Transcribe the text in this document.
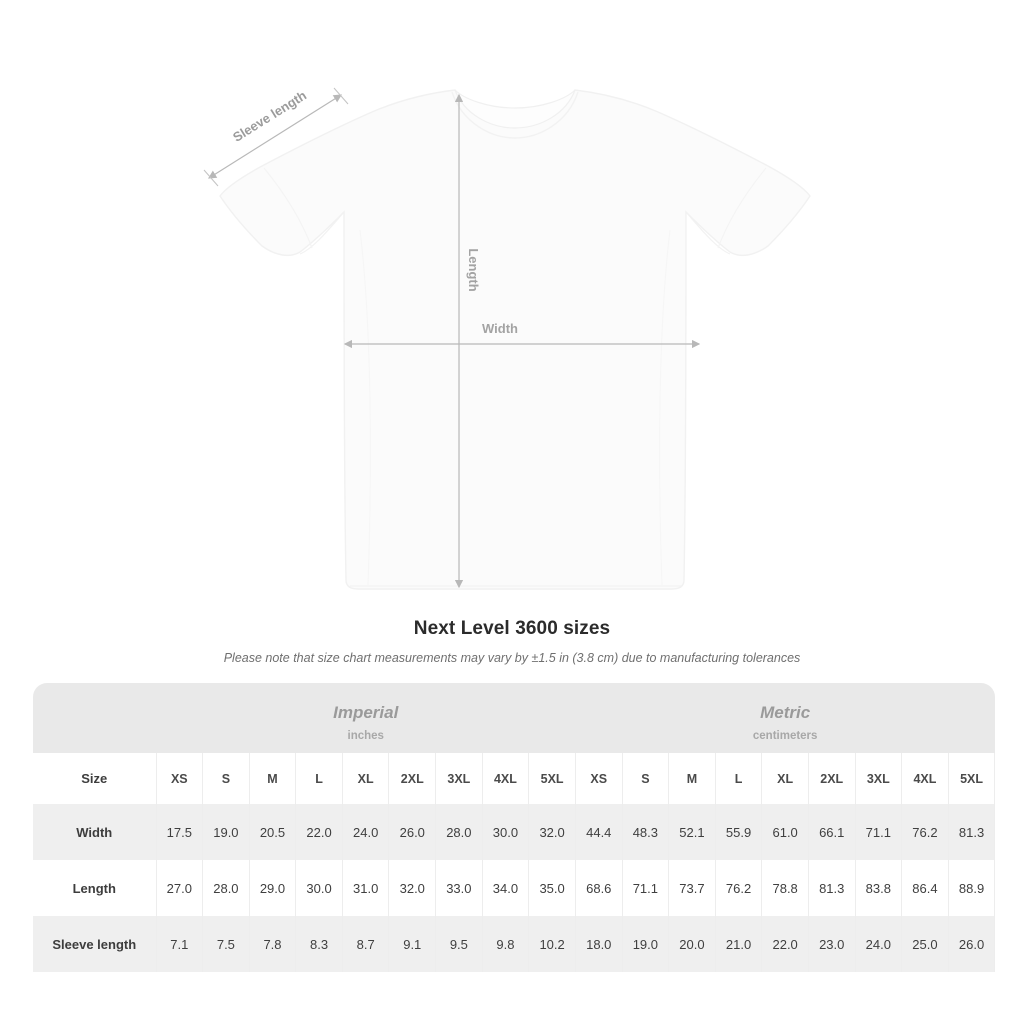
Length
Width
Sleeve length
Next Level 3600 sizes
Please note that size chart measurements may vary by ±1.5 in (3.8 cm) due to manufacturing tolerances
	Imperial									Metric								
	inches									centimeters								
Size	XS	S	M	L	XL	2XL	3XL	4XL	5XL	XS	S	M	L	XL	2XL	3XL	4XL	5XL
Width	17.5	19.0	20.5	22.0	24.0	26.0	28.0	30.0	32.0	44.4	48.3	52.1	55.9	61.0	66.1	71.1	76.2	81.3
Length	27.0	28.0	29.0	30.0	31.0	32.0	33.0	34.0	35.0	68.6	71.1	73.7	76.2	78.8	81.3	83.8	86.4	88.9
Sleeve length	7.1	7.5	7.8	8.3	8.7	9.1	9.5	9.8	10.2	18.0	19.0	20.0	21.0	22.0	23.0	24.0	25.0	26.0
